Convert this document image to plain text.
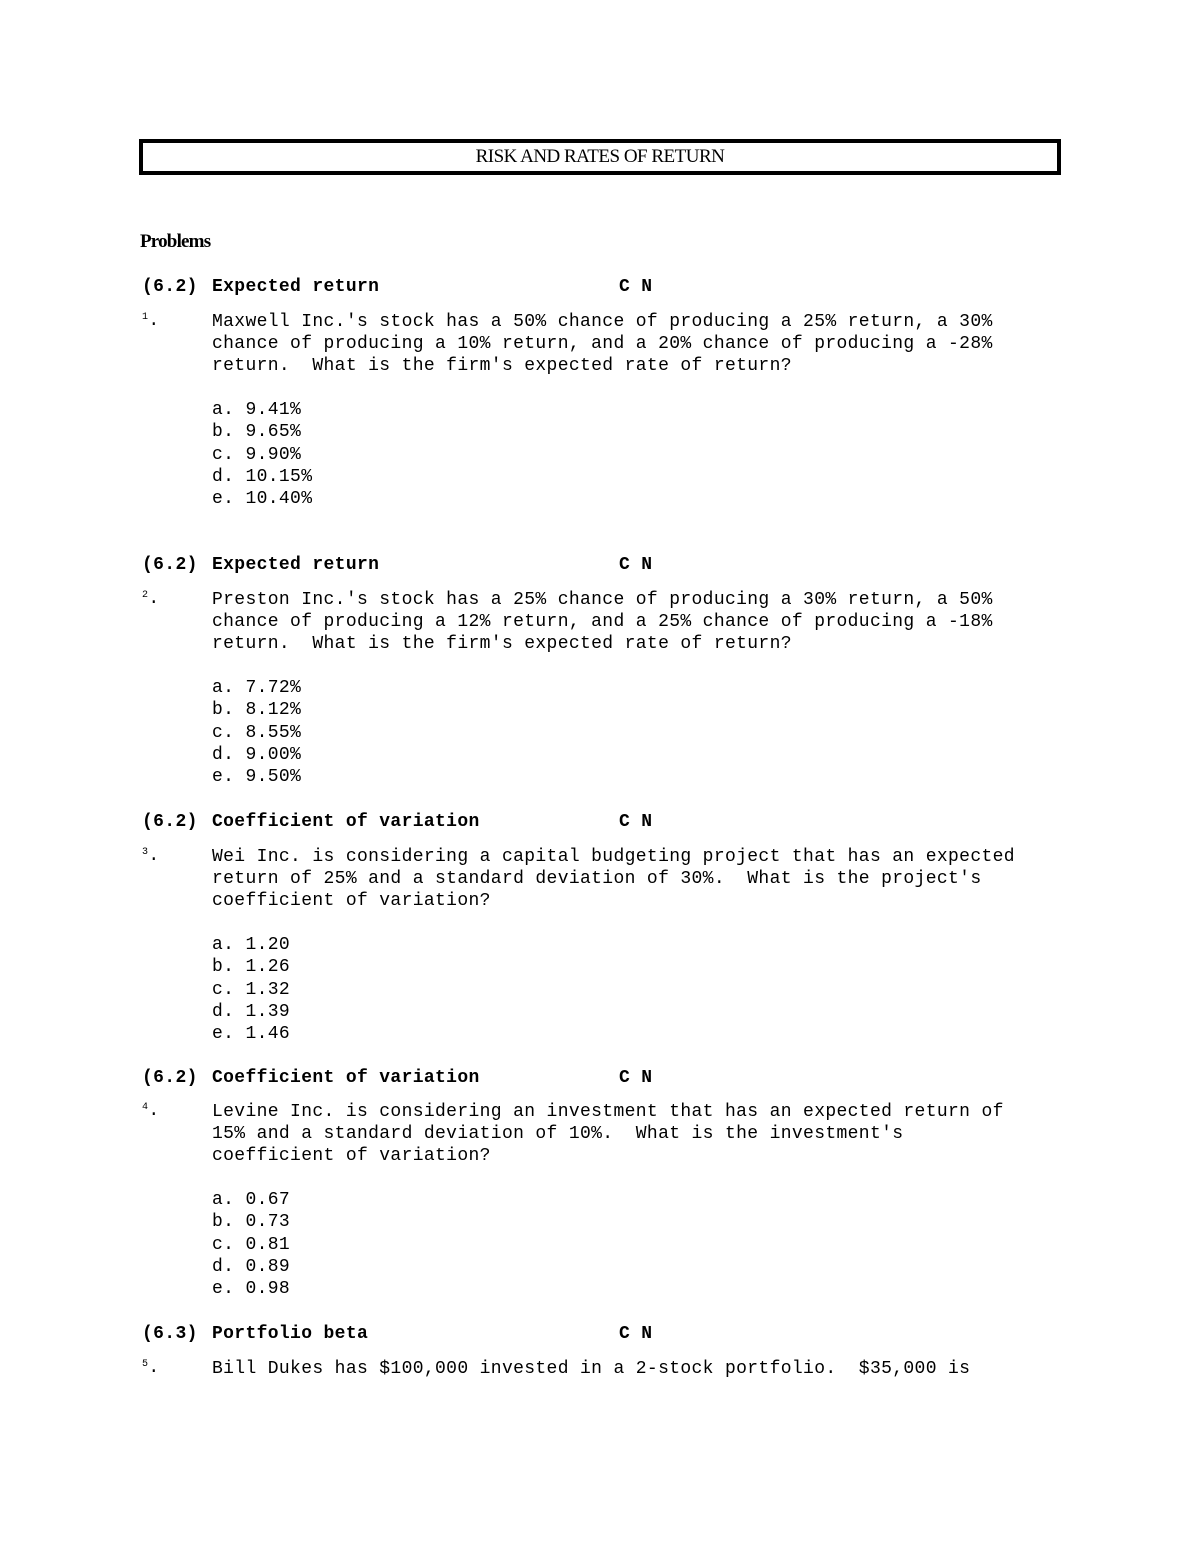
RISK AND RATES OF RETURN
Problems
(6.2) Expected return	C N
$^1$.	Maxwell Inc.'s stock has a 50% chance of producing a 25% return, a 30%
chance of producing a 10% return, and a 20% chance of producing a -28%
return.  What is the firm's expected rate of return?
a. 9.41%
b. 9.65%
c. 9.90%
d. 10.15%
e. 10.40%
(6.2) Expected return	C N
$^2$.	Preston Inc.'s stock has a 25% chance of producing a 30% return, a 50%
chance of producing a 12% return, and a 25% chance of producing a -18%
return.  What is the firm's expected rate of return?
a. 7.72%
b. 8.12%
c. 8.55%
d. 9.00%
e. 9.50%
(6.2) Coefficient of variation	C N
$^3$.	Wei Inc. is considering a capital budgeting project that has an expected
return of 25% and a standard deviation of 30%.  What is the project's
coefficient of variation?
a. 1.20
b. 1.26
c. 1.32
d. 1.39
e. 1.46
(6.2) Coefficient of variation	C N
$^4$.	Levine Inc. is considering an investment that has an expected return of
15% and a standard deviation of 10%.  What is the investment's
coefficient of variation?
a. 0.67
b. 0.73
c. 0.81
d. 0.89
e. 0.98
(6.3) Portfolio beta	C N
$^5$.	Bill Dukes has $100,000 invested in a 2-stock portfolio.  $35,000 is
